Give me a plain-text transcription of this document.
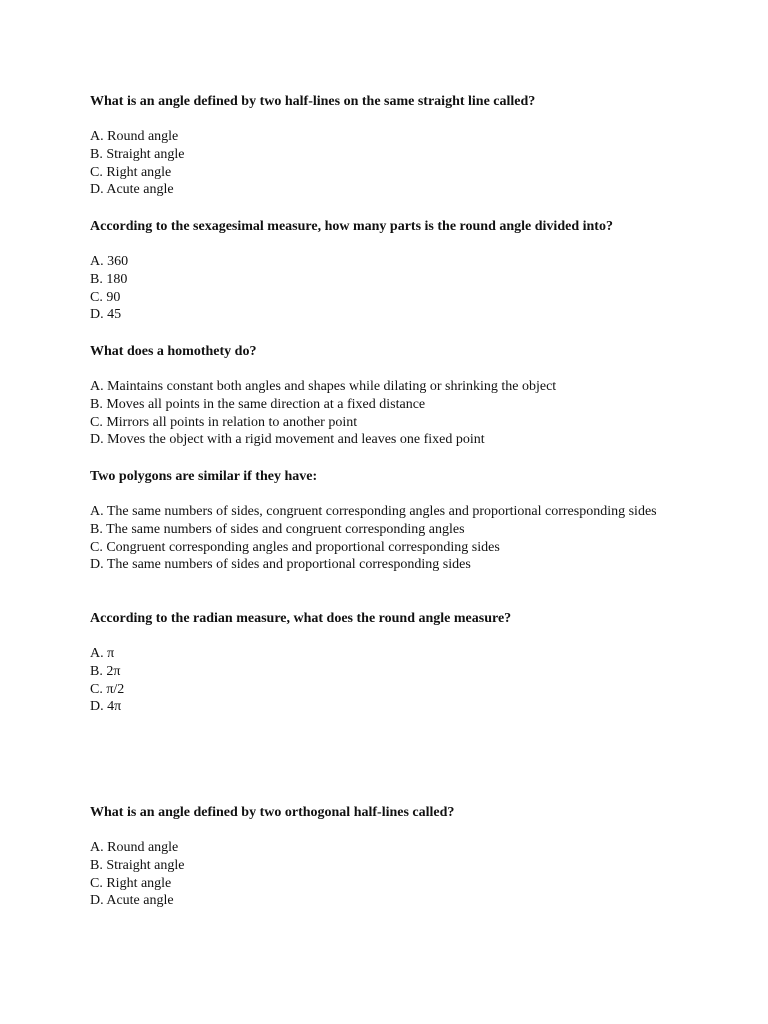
What is an angle defined by two half-lines on the same straight line called?

A. Round angle
B. Straight angle
C. Right angle
D. Acute angle

According to the sexagesimal measure, how many parts is the round angle divided into?

A. 360
B. 180
C. 90
D. 45

What does a homothety do?

A. Maintains constant both angles and shapes while dilating or shrinking the object
B. Moves all points in the same direction at a fixed distance
C. Mirrors all points in relation to another point
D. Moves the object with a rigid movement and leaves one fixed point

Two polygons are similar if they have:

A. The same numbers of sides, congruent corresponding angles and proportional corresponding sides
B. The same numbers of sides and congruent corresponding angles
C. Congruent corresponding angles and proportional corresponding sides
D. The same numbers of sides and proportional corresponding sides

According to the radian measure, what does the round angle measure?

A. π
B. 2π
C. π/2
D. 4π

What is an angle defined by two orthogonal half-lines called?

A. Round angle
B. Straight angle
C. Right angle
D. Acute angle
